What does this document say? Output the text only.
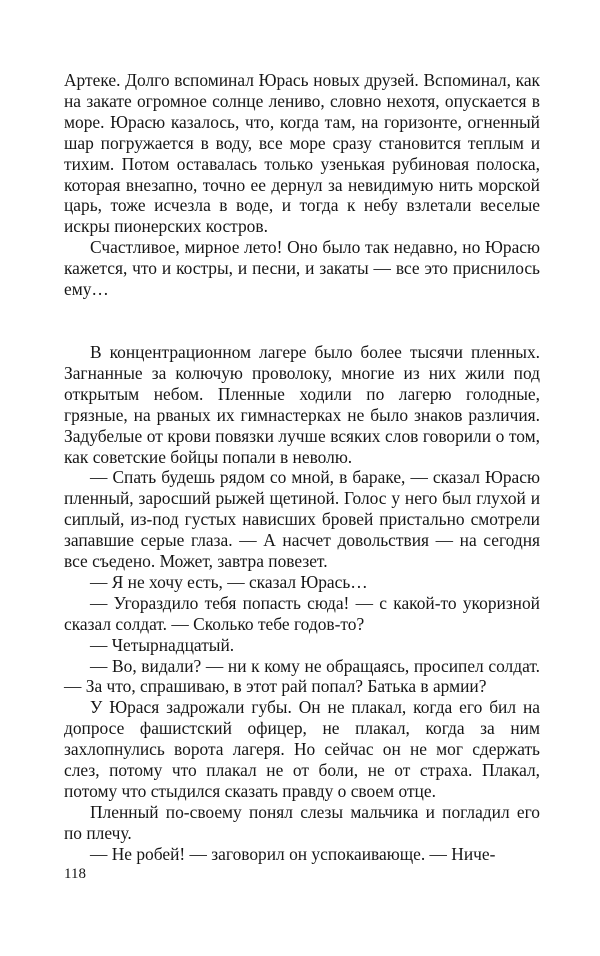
Артеке. Долго вспоминал Юрась новых друзей. Вспоминал, как на закате огромное солнце лениво, словно нехотя, опускается в море. Юрасю казалось, что, когда там, на горизонте, огненный шар погружается в воду, все море сразу становится теплым и тихим. Потом оставалась только узенькая рубиновая полоска, которая внезапно, точно ее дернул за невидимую нить морской царь, тоже исчезла в воде, и тогда к небу взлетали веселые искры пионерских костров.

Счастливое, мирное лето! Оно было так недавно, но Юрасю кажется, что и костры, и песни, и закаты — все это приснилось ему…

В концентрационном лагере было более тысячи пленных. Загнанные за колючую проволоку, многие из них жили под открытым небом. Пленные ходили по лагерю голодные, грязные, на рваных их гимнастерках не было знаков различия. Задубелые от крови повязки лучше всяких слов говорили о том, как советские бойцы попали в неволю.

— Спать будешь рядом со мной, в бараке, — сказал Юрасю пленный, заросший рыжей щетиной. Голос у него был глухой и сиплый, из-под густых нависших бровей пристально смотрели запавшие серые глаза. — А насчет довольствия — на сегодня все съедено. Может, завтра повезет.

— Я не хочу есть, — сказал Юрась…

— Угораздило тебя попасть сюда! — с какой-то укоризной сказал солдат. — Сколько тебе годов-то?

— Четырнадцатый.

— Во, видали? — ни к кому не обращаясь, просипел солдат. — За что, спрашиваю, в этот рай попал? Батька в армии?

У Юрася задрожали губы. Он не плакал, когда его бил на допросе фашистский офицер, не плакал, когда за ним захлопнулись ворота лагеря. Но сейчас он не мог сдержать слез, потому что плакал не от боли, не от страха. Плакал, потому что стыдился сказать правду о своем отце.

Пленный по-своему понял слезы мальчика и погладил его по плечу.

— Не робей! — заговорил он успокаивающе. — Ниче-

118
